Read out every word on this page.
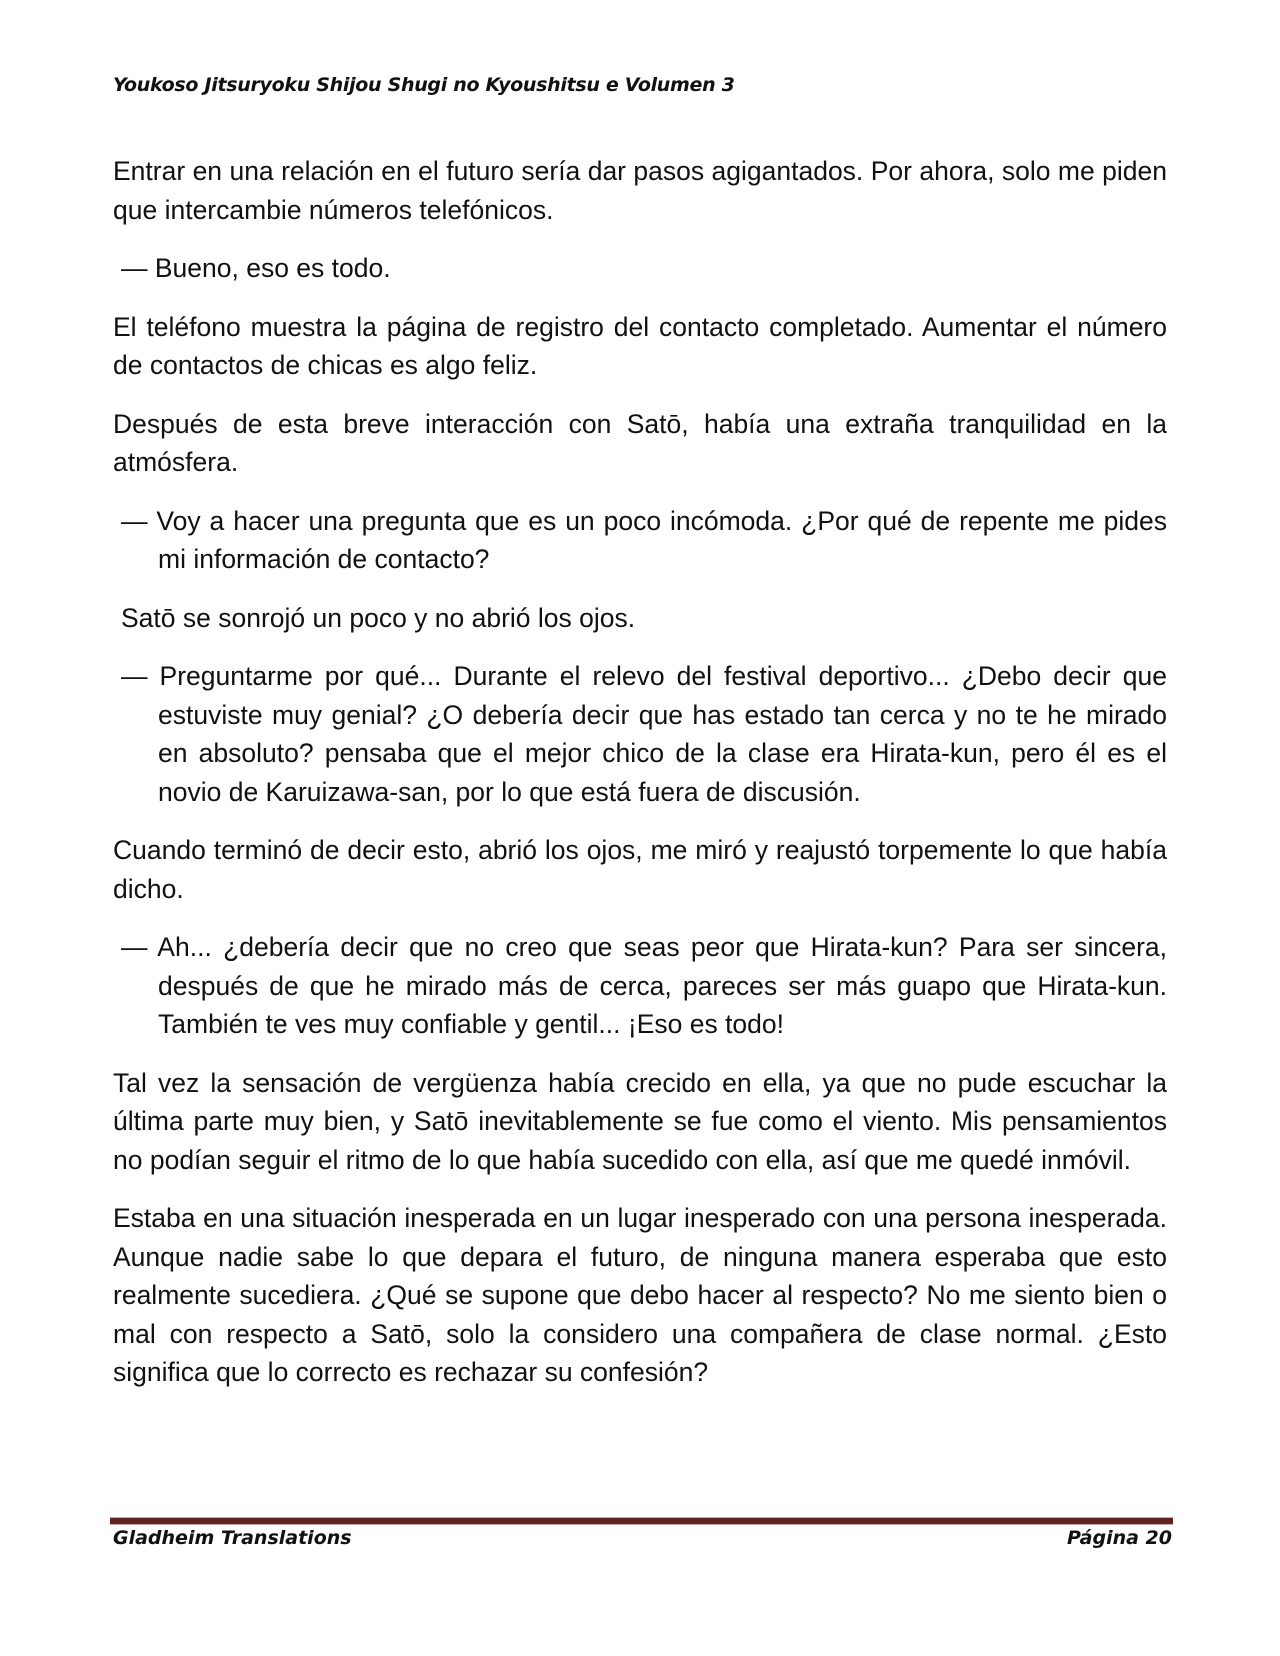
Youkoso Jitsuryoku Shijou Shugi no Kyoushitsu e Volumen 3

Entrar en una relación en el futuro sería dar pasos agigantados. Por ahora, solo me piden que intercambie números telefónicos.

— Bueno, eso es todo.

El teléfono muestra la página de registro del contacto completado. Aumentar el número de contactos de chicas es algo feliz.

Después de esta breve interacción con Satō, había una extraña tranquilidad en la atmósfera.

— Voy a hacer una pregunta que es un poco incómoda. ¿Por qué de repente me pides mi información de contacto?

Satō se sonrojó un poco y no abrió los ojos.

— Preguntarme por qué... Durante el relevo del festival deportivo... ¿Debo decir que estuviste muy genial? ¿O debería decir que has estado tan cerca y no te he mirado en absoluto? pensaba que el mejor chico de la clase era Hirata-kun, pero él es el novio de Karuizawa-san, por lo que está fuera de discusión.

Cuando terminó de decir esto, abrió los ojos, me miró y reajustó torpemente lo que había dicho.

— Ah... ¿debería decir que no creo que seas peor que Hirata-kun? Para ser sincera, después de que he mirado más de cerca, pareces ser más guapo que Hirata-kun. También te ves muy confiable y gentil... ¡Eso es todo!

Tal vez la sensación de vergüenza había crecido en ella, ya que no pude escuchar la última parte muy bien, y Satō inevitablemente se fue como el viento. Mis pensamientos no podían seguir el ritmo de lo que había sucedido con ella, así que me quedé inmóvil.

Estaba en una situación inesperada en un lugar inesperado con una persona inesperada. Aunque nadie sabe lo que depara el futuro, de ninguna manera esperaba que esto realmente sucediera. ¿Qué se supone que debo hacer al respecto? No me siento bien o mal con respecto a Satō, solo la considero una compañera de clase normal. ¿Esto significa que lo correcto es rechazar su confesión?

Gladheim Translations	Página 20
